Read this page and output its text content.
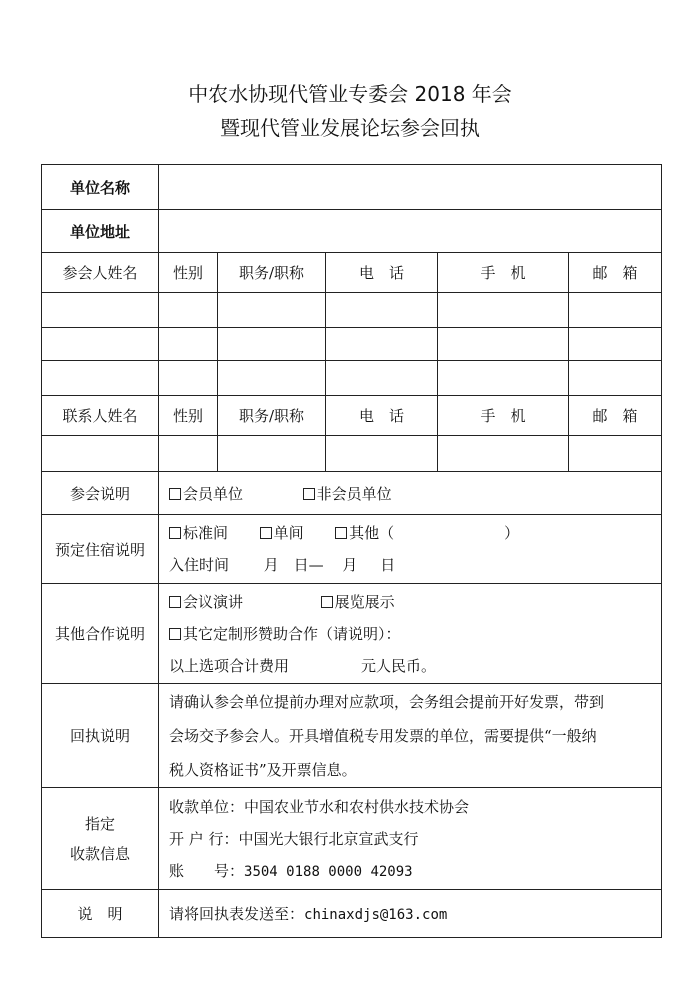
中农水协现代管业专委会 2018 年会
暨现代管业发展论坛参会回执
单位名称					
单位地址					
参会人姓名	性别	职务/职称	电　话	手　机	邮　箱

联系人姓名	性别	职务/职称	电　话	手　机	邮　箱

参会说明	会员单位 非会员单位				
预定住宿说明	标准间 单间 其他（ ）
入住时间 月 日— 月 日				

其他合作说明	会议演讲 展览展示
其它定制形赞助合作（请说明）：
以上选项合计费用 元人民币。				

回执说明	请确认参会单位提前办理对应款项，会务组会提前开好发票，带到
会场交予参会人。开具增值税专用发票的单位，需要提供“一般纳
税人资格证书”及开票信息。				

指定
收款信息	收款单位：中国农业节水和农村供水技术协会
开 户 行：中国光大银行北京宣武支行
账　　号：3504 0188 0000 42093				

说　明	请将回执表发送至：chinaxdjs@163.com				
